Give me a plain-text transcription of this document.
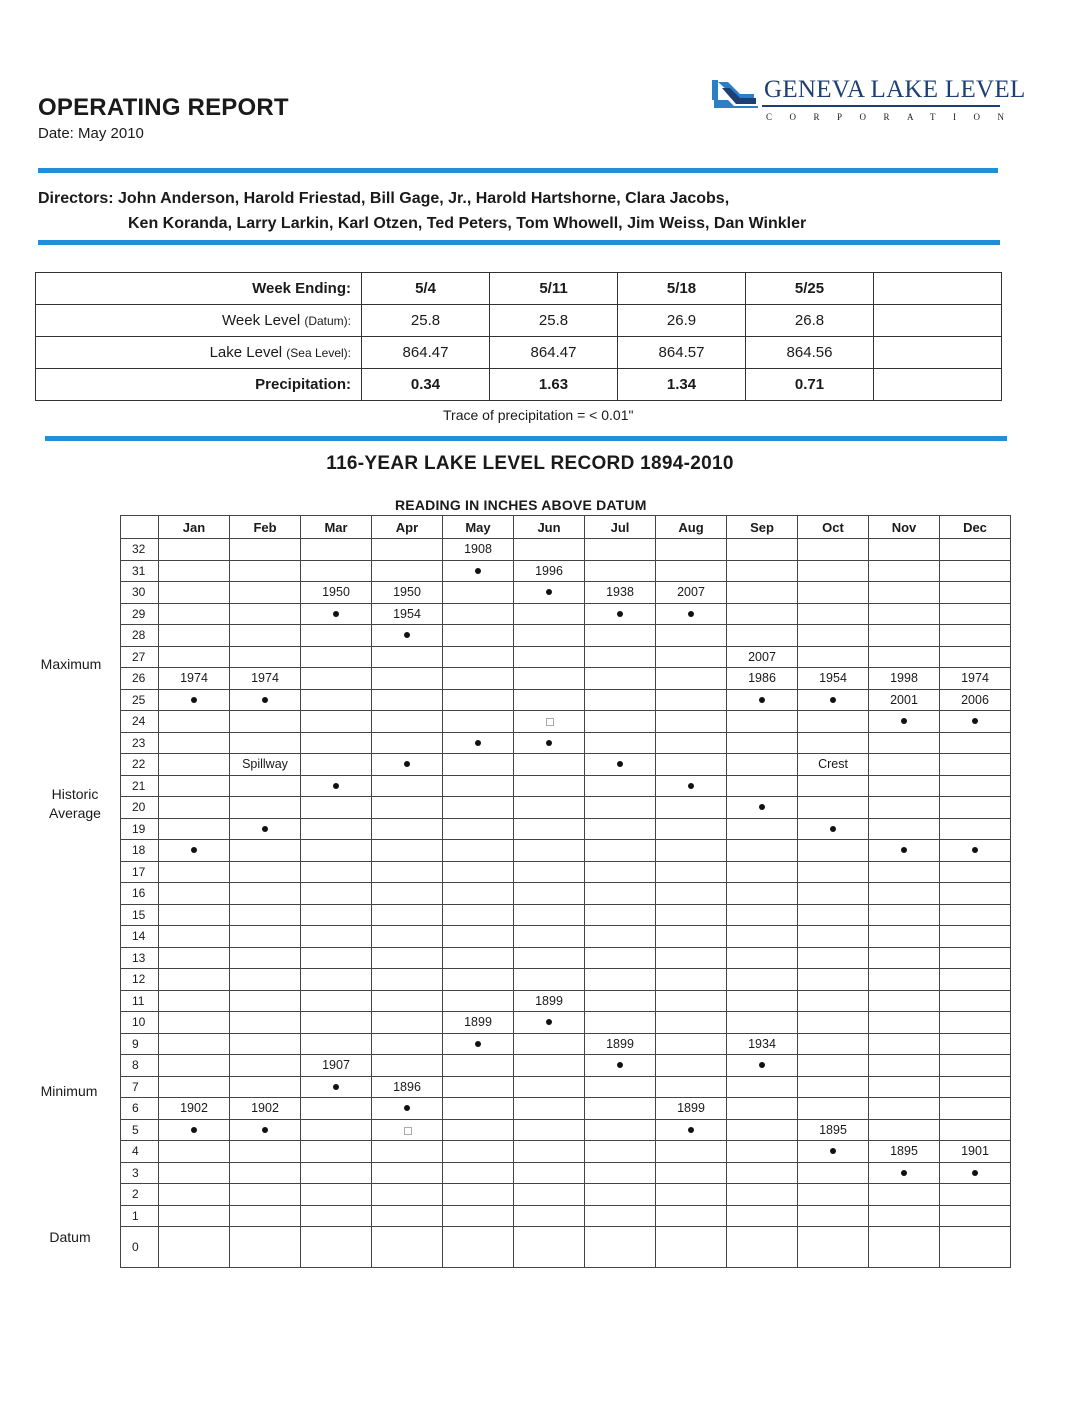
OPERATING REPORT
Date: May 2010
GENEVA LAKE LEVEL
CORPORATION
Directors: John Anderson, Harold Friestad, Bill Gage, Jr., Harold Hartshorne, Clara Jacobs,
Ken Koranda, Larry Larkin, Karl Otzen, Ted Peters, Tom Whowell, Jim Weiss, Dan Winkler
Week Ending:	5/4	5/11	5/18	5/25	
Week Level (Datum):	25.8	25.8	26.9	26.8	
Lake Level (Sea Level):	864.47	864.47	864.57	864.56	
Precipitation:	0.34	1.63	1.34	0.71	
Trace of precipitation = < 0.01"
116-YEAR LAKE LEVEL RECORD 1894-2010
READING IN INCHES ABOVE DATUM
	Jan	Feb	Mar	Apr	May	Jun	Jul	Aug	Sep	Oct	Nov	Dec
32					1908							

31						1996						

30			1950	1950			1938	2007				

29				1954								

28				

27									2007			

26	1974	1974							1986	1954	1998	1974

25											2001	2006

24						

23					

22		Spillway								Crest		

21			

20									

19		

18	

17												
16												
15												
14												
13												
12												
11						1899						

10					1899							

9							1899		1934			

8			1907									

7				1896								

6	1902	1902						1899				

5										1895		

4											1895	1901

3											

2												
1												
0												
Maximum
Historic Average
Minimum
Datum
